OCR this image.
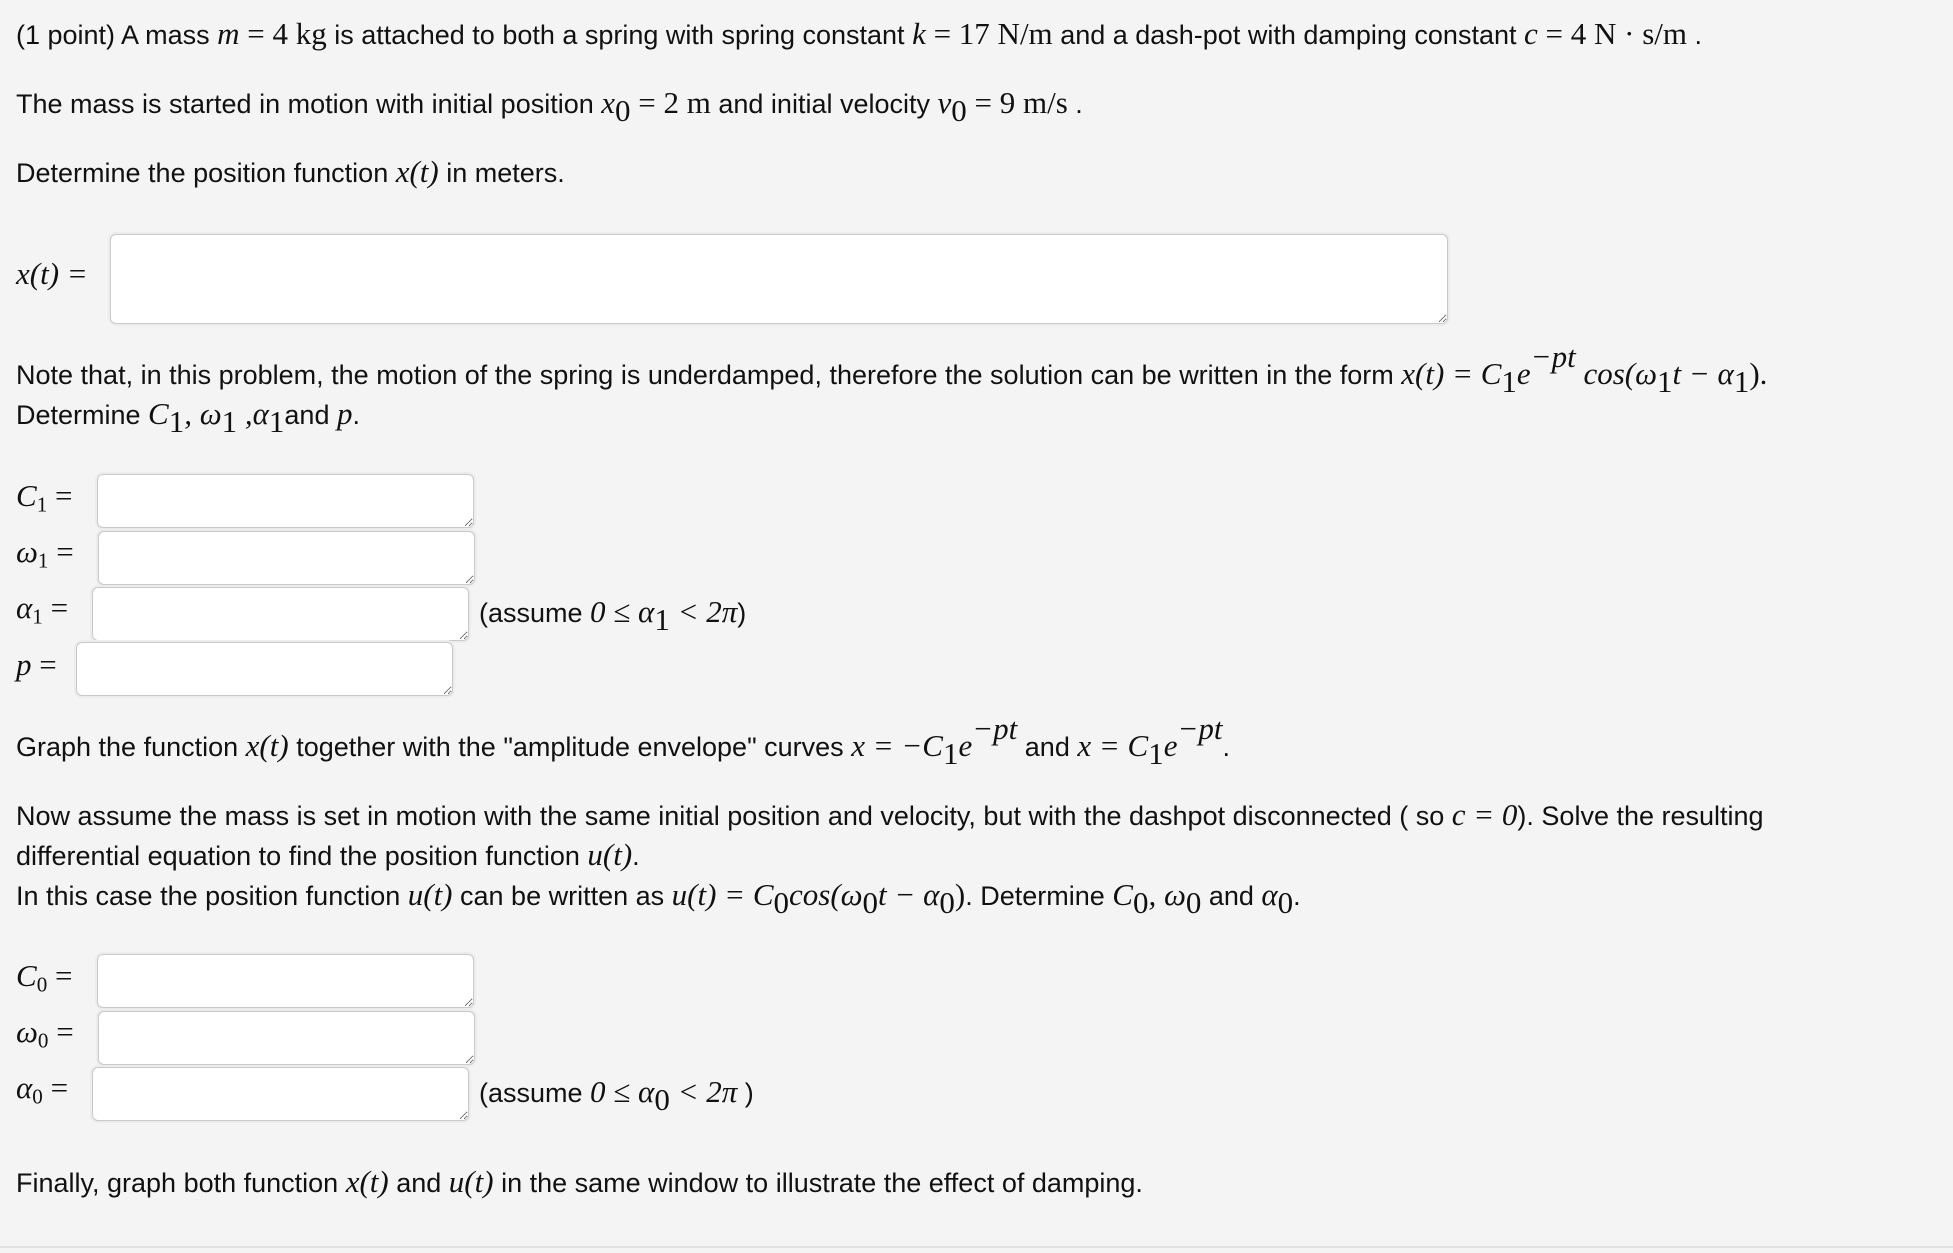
(1 point) A mass m = 4 kg is attached to both a spring with spring constant k = 17 N/m and a dash-pot with damping constant c = 4 N · s/m .
The mass is started in motion with initial position $x_0 = 2$ m and initial velocity $v_0 = 9$ m/s .
Determine the position function x(t) in meters.
x(t) =
Note that, in this problem, the motion of the spring is underdamped, therefore the solution can be written in the form $x(t) = C_1e^{-pt}$ $\cos(\omega_1t - \alpha_1)$.
Determine $C_1$, $\omega_1$ $,\alpha_1and$ p.
$C_1$ =
$\omega_1$ =
$\alpha_1$ =	(assume $0 \le \alpha_1 < 2\pi$)
p =
Graph the function x(t) together with the "amplitude envelope" curves $x = -C_1e^{-pt}$ and $x = C_1e^{-pt}$.
Now assume the mass is set in motion with the same initial position and velocity, but with the dashpot disconnected ( so c = 0). Solve the resulting
differential equation to find the position function u(t).
In this case the position function u(t) can be written as $u(t) = C_0\cos(\omega_0t - \alpha_0)$. Determine $C_0$, $\omega_0$ and $\alpha_0$.
$C_0$ =
$\omega_0$ =
$\alpha_0$ =	(assume $0 \le \alpha_0 < 2\pi$ )
Finally, graph both function x(t) and u(t) in the same window to illustrate the effect of damping.
